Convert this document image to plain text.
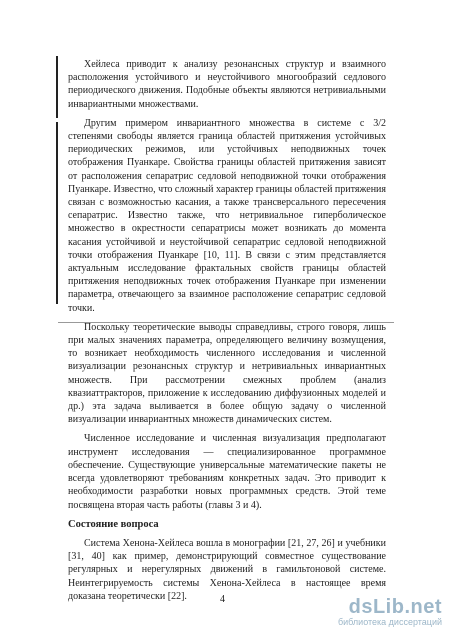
Хейлеса приводит к анализу резонансных структур и взаимного расположения устойчивого и неустойчивого многообразий седлового периодического движения. Подобные объекты являются нетривиальными инвариантными множествами.

Другим примером инвариантного множества в системе с 3/2 степенями свободы является граница областей притяжения устойчивых периодических режимов, или устойчивых неподвижных точек отображения Пуанкаре. Свойства границы областей притяжения зависят от расположения сепаратрис седловой неподвижной точки отображения Пуанкаре. Известно, что сложный характер границы областей притяжения связан с возможностью касания, а также трансверсального пересечения сепаратрис. Известно также, что нетривиальное гиперболическое множество в окрестности сепаратрисы может возникать до момента касания устойчивой и неустойчивой сепаратрис седловой неподвижной точки отображения Пуанкаре [10, 11]. В связи с этим представляется актуальным исследование фрактальных свойств границы областей притяжения неподвижных точек отображения Пуанкаре при изменении параметра, отвечающего за взаимное расположение сепаратрис седловой точки.

Поскольку теоретические выводы справедливы, строго говоря, лишь при малых значениях параметра, определяющего величину возмущения, то возникает необходимость численного исследования и численной визуализации резонансных структур и нетривиальных инвариантных множеств. При рассмотрении смежных проблем (анализ квазиаттракторов, приложение к исследованию диффузионных моделей и др.) эта задача выливается в более общую задачу о численной визуализации инвариантных множеств динамических систем.

Численное исследование и численная визуализация предполагают инструмент исследования — специализированное программное обеспечение. Существующие универсальные математические пакеты не всегда удовлетворяют требованиям конкретных задач. Это приводит к необходимости разработки новых программных средств. Этой теме посвящена вторая часть работы (главы 3 и 4).

Состояние вопроса

Система Хенона-Хейлеса вошла в монографии [21, 27, 26] и учебники [31, 40] как пример, демонстрирующий совместное существование регулярных и нерегулярных движений в гамильтоновой системе. Неинтегрируемость системы Хенона-Хейлеса в настоящее время доказана теоретически [22].	4	dsLib.net
библиотека диссертаций
